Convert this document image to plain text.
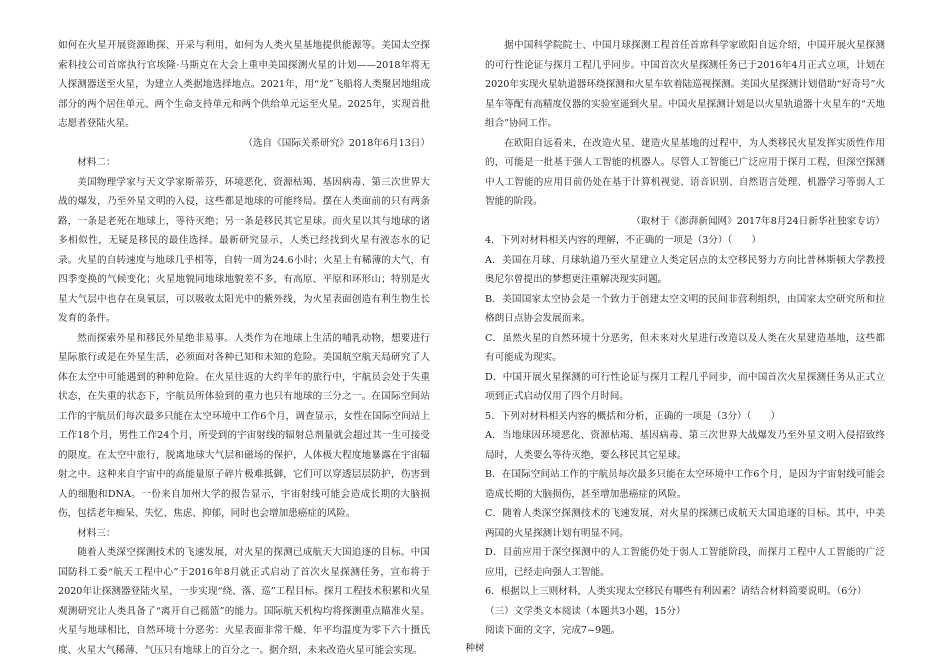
如何在火星开展资源勘探、开采与利用，如何为人类火星基地提供能源等。美国太空探索科技公司首席执行官埃隆·马斯克在大会上重申美国探测火星的计划——2018年将无人探测器送至火星，为建立人类据地选择地点。2021年，用“龙”飞船将人类聚居地组成部分的两个居住单元、两个生命支持单元和两个供给单元运至火星。2025年，实现首批志愿者登陆火星。

（选自《国际关系研究》2018年6月13日）

材料二：

美国物理学家与天文学家斯蒂芬，环境恶化、资源枯竭、基因病毒、第三次世界大战的爆发，乃至外星文明的入侵，这些都是地球的可能终局。摆在人类面前的只有两条路，一条是老死在地球上，等待灭绝；另一条是移民其它星球。而火星以其与地球的诸多相似性，无疑是移民的最佳选择。最新研究显示，人类已经找到火星有液态水的记录。火星的自转速度与地球几乎相等，自转一周为24.6小时；火星上有稀薄的大气，有四季变换的气候变化；火星地貌同地球地貌差不多，有高原、平原和环形山；特别是火星大气层中也存在臭氧层，可以吸收太阳光中的紫外线，为火星表面创造有利生物生长发育的条件。

然而探索外星和移民外星绝非易事。人类作为在地球上生活的哺乳动物，想要进行星际旅行或是在外星生活，必须面对各种已知和未知的危险。美国航空航天局研究了人体在太空中可能遇到的种种危险。在火星往返的大约半年的旅行中，宇航员会处于失重状态，在失重的状态下，宇航员所体验到的重力也只有地球的三分之一。在国际空间站工作的宇航员们每次最多只能在太空环境中工作6个月，调查显示，女性在国际空间站上工作18个月，男性工作24个月，所受到的宇宙射线的辐射总剂量就会超过其一生可接受的限度。在太空中旅行，脱离地球大气层和磁场的保护，人体极大程度地暴露在宇宙辐射之中。这种来自宇宙中的高能量原子碎片极难抵御，它们可以穿透层层防护，伤害到人的细胞和DNA。一份来自加州大学的报告显示，宇宙射线可能会造成长期的大脑损伤，包括老年痴呆、失忆、焦虑、抑郁，同时也会增加患癌症的风险。

材料三：

随着人类深空探测技术的飞速发展，对火星的探测已成航天大国追逐的目标。中国国防科工委“航天工程中心”于2016年8月就正式启动了首次火星探测任务，宣布将于2020年让探测器登陆火星，一步实现“绕、落、巡”工程目标。探月工程技术积累和火星观测研究让人类具备了“离开自己摇篮”的能力。国际航天机构均将探测重点瞄准火星。火星与地球相比，自然环境十分恶劣：火星表面非常干燥、年平均温度为零下六十摄氏度、火星大气稀薄、气压只有地球上的百分之一。据介绍，未来改造火星可能会实现。

据中国科学院院士、中国月球探测工程首任首席科学家欧阳自远介绍，中国开展火星探测的可行性论证与探月工程几乎同步。中国首次火星探测任务已于2016年4月正式立项，计划在2020年实现火星轨道器环绕探测和火星车软着陆巡视探测。美国火星探测计划借助“好奇号”火星车等配有高精度仪器的实验室遥到火星。中国火星探测计划是以火星轨道器十火星车的“天地组合”协同工作。

在欧阳自远看来，在改造火星、建造火星基地的过程中，为人类移民火星发挥实质性作用的，可能是一批基于强人工智能的机器人。尽管人工智能已广泛应用于探月工程，但深空探测中人工智能的应用目前仍处在基于计算机视觉、语音识别、自然语言处理、机器学习等弱人工智能的阶段。

（取材于《澎湃新闻网》2017年8月24日新华社独家专访）

4．下列对材料相关内容的理解，不正确的一项是（3分）（　　）

A．美国在月球、月球轨道乃至火星建立人类定居点的太空移民努力方向比普林斯顿大学教授奥尼尔曾提出的梦想更注重解决现实问题。

B．美国国家太空协会是一个致力于创建太空文明的民间非营利组织，由国家太空研究所和拉格朗日点协会发展而来。

C．虽然火星的自然环境十分恶劣，但未来对火星进行改造以及人类在火星建造基地，这些都有可能成为现实。

D．中国开展火星探测的可行性论证与探月工程几乎同步，而中国首次火星探测任务从正式立项到正式启动仅用了四个月时间。

5．下列对材料相关内容的概括和分析，正确的一项是（3分）（　　）

A．当地球因环境恶化、资源枯竭、基因病毒、第三次世界大战爆发乃至外星文明入侵招致终局时，人类要么等待灭绝，要么移民其它星球。

B．在国际空间站工作的宇航员每次最多只能在太空环境中工作6个月，是因为宇宙射线可能会造成长期的大脑损伤，甚至增加患癌症的风险。

C．随着人类深空探测技术的飞速发展，对火星的探测已成航天大国追逐的目标。其中，中美两国的火星探测计划有明显不同。

D．目前应用于深空探测中的人工智能仍处于弱人工智能阶段，而探月工程中人工智能的广泛应用，已经走向强人工智能。

6．根据以上三则材料，人类实现太空移民有哪些有利因素？请结合材料简要说明。（6分）

（三）文学类文本阅读（本题共3小题，15分）

阅读下面的文字，完成7~9题。

种树
